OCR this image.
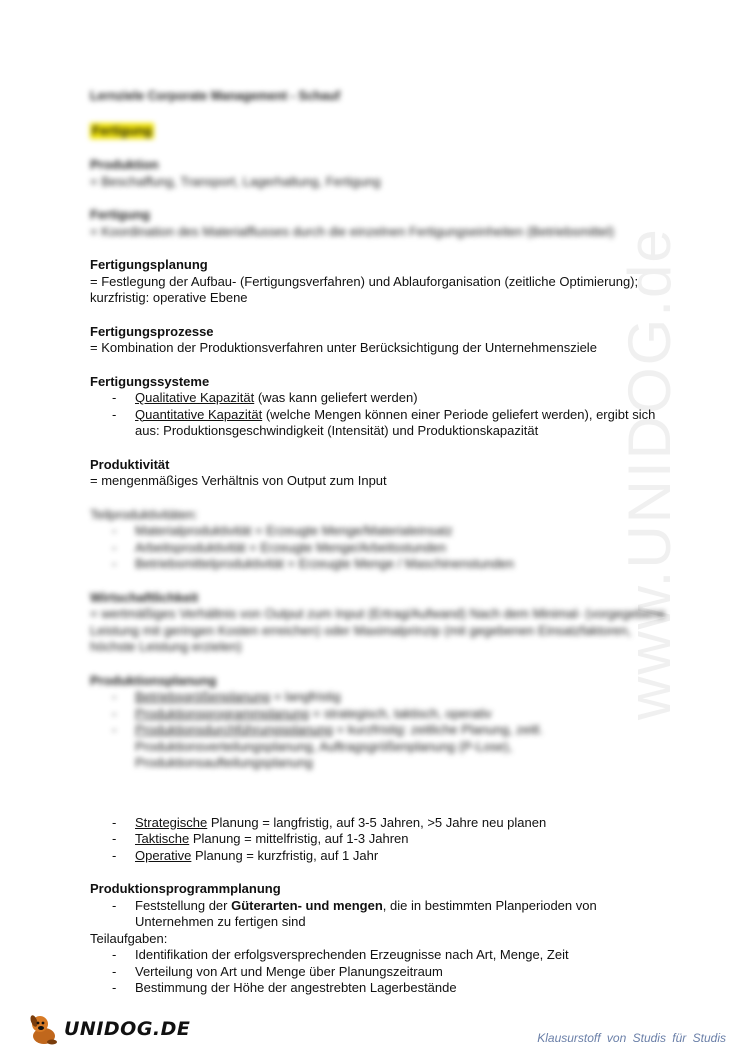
www.UNIDOG.de
Lernziele Corporate Management - Schauf
Fertigung
Produktion
= Beschaffung, Transport, Lagerhaltung, Fertigung
Fertigung
= Koordination des Materialflusses durch die einzelnen Fertigungseinheiten (Betriebsmittel)
Fertigungsplanung
= Festlegung der Aufbau- (Fertigungsverfahren) und Ablauforganisation (zeitliche Optimierung); kurzfristig: operative Ebene
Fertigungsprozesse
= Kombination der Produktionsverfahren unter Berücksichtigung der Unternehmensziele
Fertigungssysteme
- Qualitative Kapazität (was kann geliefert werden)
- Quantitative Kapazität (welche Mengen können einer Periode geliefert werden), ergibt sich aus: Produktionsgeschwindigkeit (Intensität) und Produktionskapazität
Produktivität
= mengenmäßiges Verhältnis von Output zum Input
Teilproduktivitäten:
- Materialproduktivität = Erzeugte Menge/Materialeinsatz
- Arbeitsproduktivität = Erzeugte Menge/Arbeitsstunden
- Betriebsmittelproduktivität = Erzeugte Menge / Maschinenstunden
Wirtschaftlichkeit
= wertmäßiges Verhältnis von Output zum Input (Ertrag/Aufwand) Nach dem Minimal- (vorgegebene Leistung mit geringen Kosten erreichen) oder Maximalprinzip (mit gegebenen Einsatzfaktoren, höchste Leistung erzielen)
Produktionsplanung
- Betriebsgrößenplanung = langfristig
- Produktionsprogrammplanung = strategisch, taktisch, operativ
- Produktionsdurchführungsplanung = kurzfristig: zeitliche Planung, zeitl. Produktionsverteilungsplanung, Auftragsgrößenplanung (P-Lose), Produktionsaufteilungsplanung
- Strategische Planung = langfristig, auf 3-5 Jahren, >5 Jahre neu planen
- Taktische Planung = mittelfristig, auf 1-3 Jahren
- Operative Planung = kurzfristig, auf 1 Jahr
Produktionsprogrammplanung
- Feststellung der Güterarten- und mengen, die in bestimmten Planperioden von Unternehmen zu fertigen sind
Teilaufgaben:
- Identifikation der erfolgsversprechenden Erzeugnisse nach Art, Menge, Zeit
- Verteilung von Art und Menge über Planungszeitraum
- Bestimmung der Höhe der angestrebten Lagerbestände
UNIDOG.DE	Klausurstoff von Studis für Studis
